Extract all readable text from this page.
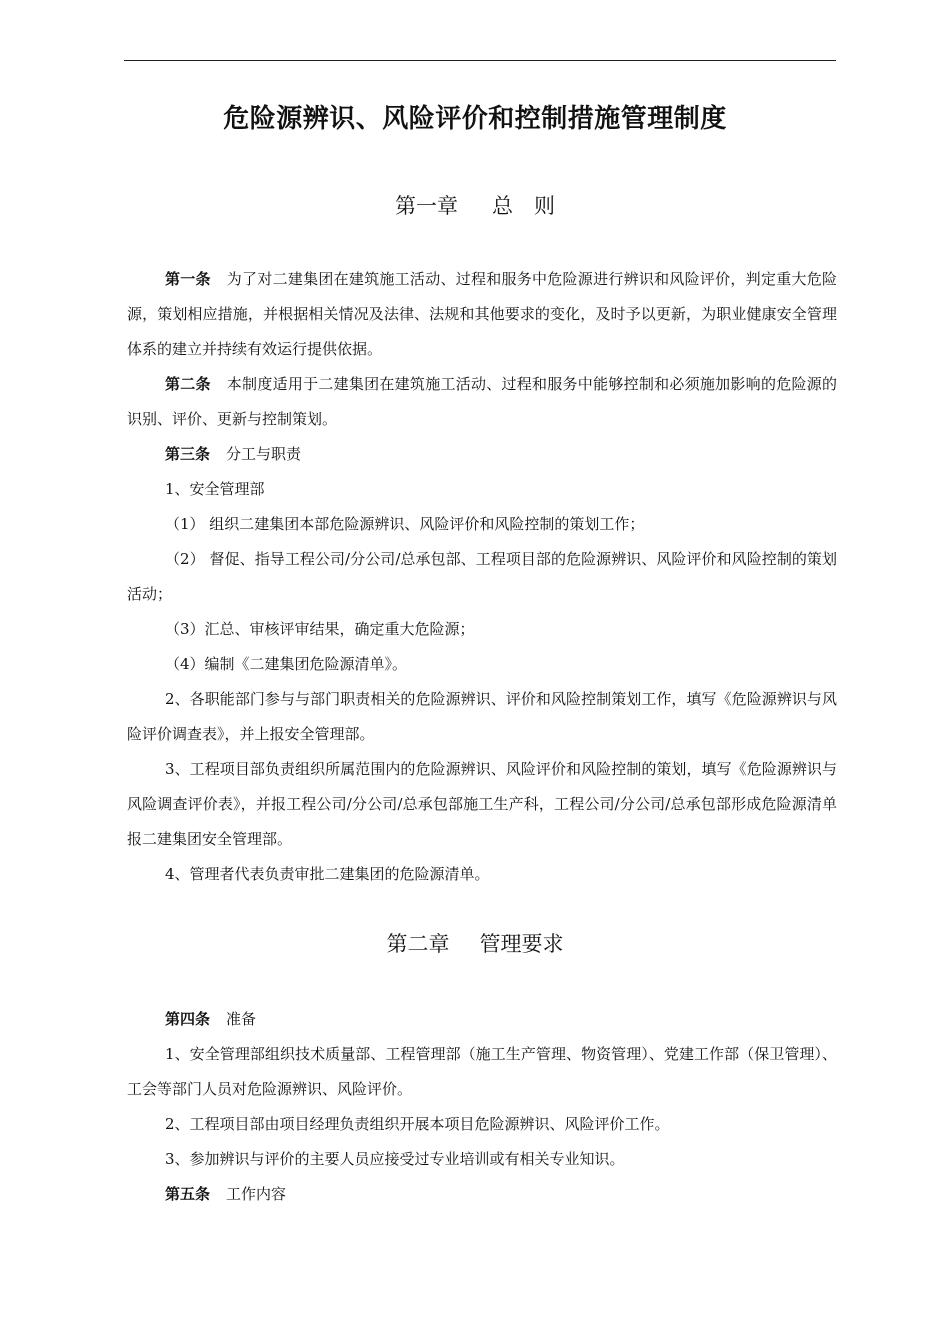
危险源辨识、风险评价和控制措施管理制度
第一章 总　则

第一条 为了对二建集团在建筑施工活动、过程和服务中危险源进行辨识和风险评价，判定重大危险源，策划相应措施，并根据相关情况及法律、法规和其他要求的变化，及时予以更新，为职业健康安全管理体系的建立并持续有效运行提供依据。

第二条 本制度适用于二建集团在建筑施工活动、过程和服务中能够控制和必须施加影响的危险源的识别、评价、更新与控制策划。

第三条 分工与职责

1、安全管理部

（1） 组织二建集团本部危险源辨识、风险评价和风险控制的策划工作；

（2） 督促、指导工程公司/分公司/总承包部、工程项目部的危险源辨识、风险评价和风险控制的策划活动；

（3）汇总、审核评审结果，确定重大危险源；

（4）编制《二建集团危险源清单》。

2、各职能部门参与与部门职责相关的危险源辨识、评价和风险控制策划工作，填写《危险源辨识与风险评价调查表》，并上报安全管理部。

3、工程项目部负责组织所属范围内的危险源辨识、风险评价和风险控制的策划，填写《危险源辨识与风险调查评价表》，并报工程公司/分公司/总承包部施工生产科，工程公司/分公司/总承包部形成危险源清单报二建集团安全管理部。

4、管理者代表负责审批二建集团的危险源清单。

第二章 管理要求

第四条 准备

1、安全管理部组织技术质量部、工程管理部（施工生产管理、物资管理）、党建工作部（保卫管理）、工会等部门人员对危险源辨识、风险评价。

2、工程项目部由项目经理负责组织开展本项目危险源辨识、风险评价工作。

3、参加辨识与评价的主要人员应接受过专业培训或有相关专业知识。

第五条 工作内容
